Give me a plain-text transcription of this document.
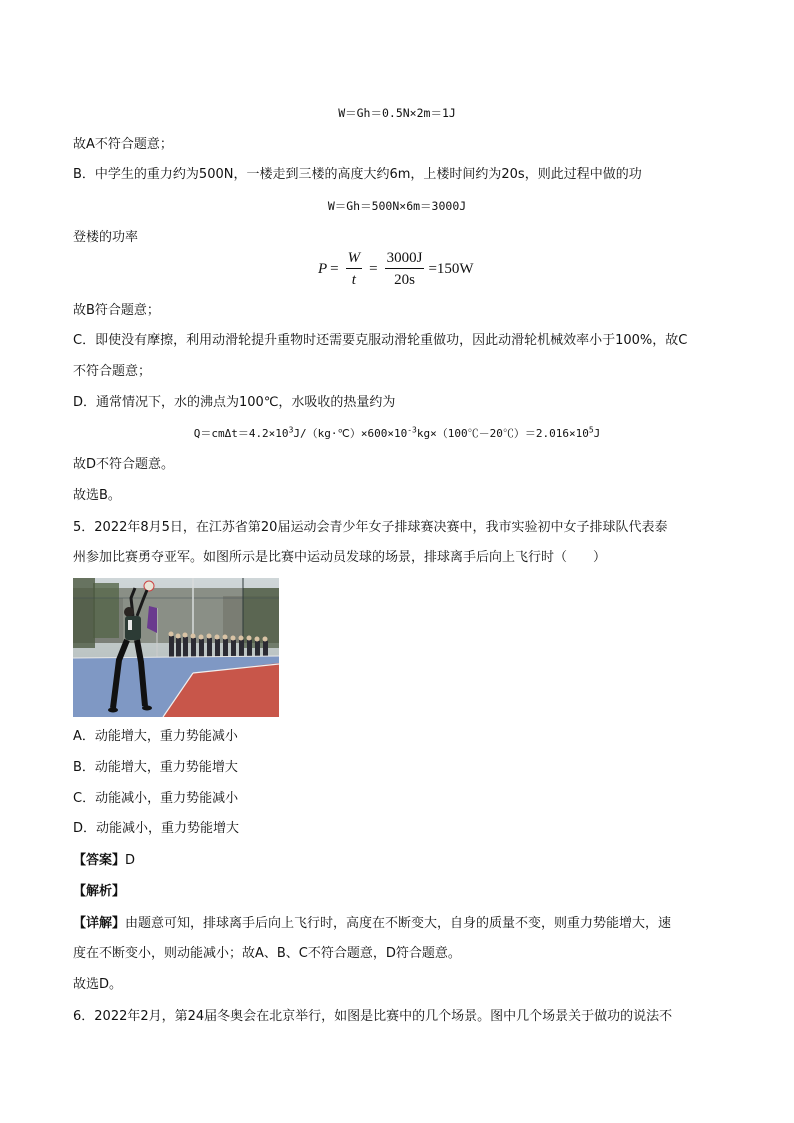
W＝Gh＝0.5N×2m＝1J
故A不符合题意；
B．中学生的重力约为500N，一楼走到三楼的高度大约6m，上楼时间约为20s，则此过程中做的功
W＝Gh＝500N×6m＝3000J
登楼的功率
$P = \frac{W}{t} = \frac{3000J}{20s} =150W$
故B符合题意；
C．即使没有摩擦，利用动滑轮提升重物时还需要克服动滑轮重做功，因此动滑轮机械效率小于100%，故C
不符合题意；
D．通常情况下，水的沸点为100℃，水吸收的热量约为
$Q=cm\Delta t=4.2\times 10^3J/(kg\cdot℃)\times 600\times 10^{-3}kg\times(100℃-20℃)=2.016\times 10^5J$
故D不符合题意。
故选B。
5．2022年8月5日，在江苏省第20届运动会青少年女子排球赛决赛中，我市实验初中女子排球队代表泰
州参加比赛勇夺亚军。如图所示是比赛中运动员发球的场景，排球离手后向上飞行时（　　）
A．动能增大，重力势能减小
B．动能增大，重力势能增大
C．动能减小，重力势能减小
D．动能减小，重力势能增大
【答案】D
【解析】
【详解】由题意可知，排球离手后向上飞行时，高度在不断变大，自身的质量不变，则重力势能增大，速
度在不断变小，则动能减小；故A、B、C不符合题意，D符合题意。
故选D。
6．2022年2月，第24届冬奥会在北京举行，如图是比赛中的几个场景。图中几个场景关于做功的说法不
